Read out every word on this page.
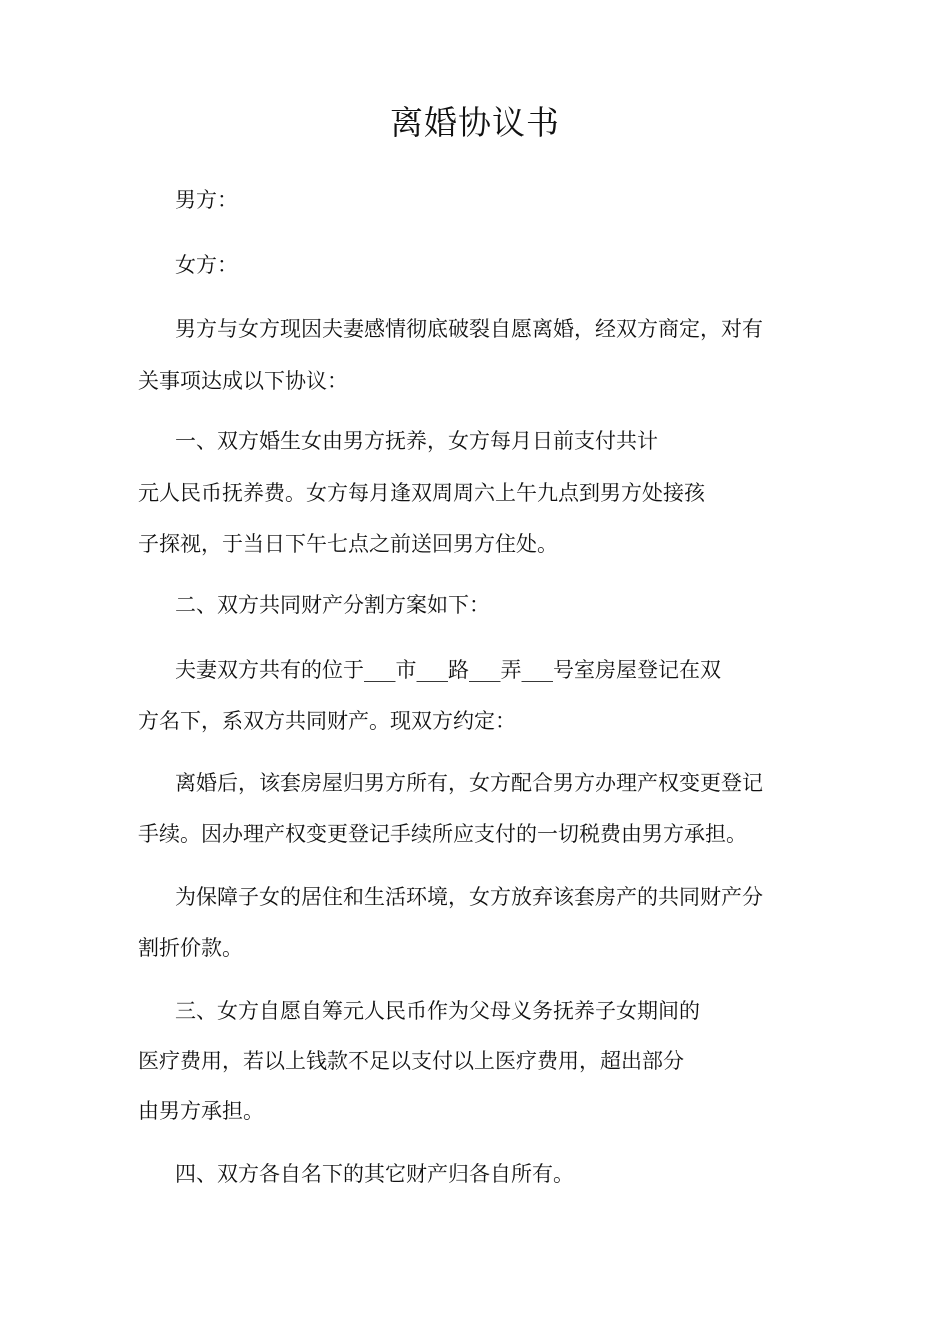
离婚协议书
男方：
女方：
男方与女方现因夫妻感情彻底破裂自愿离婚，经双方商定，对有
关事项达成以下协议：
一、双方婚生女由男方抚养，女方每月日前支付共计
元人民币抚养费。女方每月逢双周周六上午九点到男方处接孩
子探视，于当日下午七点之前送回男方住处。
二、双方共同财产分割方案如下：
夫妻双方共有的位于___市___路___弄___号室房屋登记在双
方名下，系双方共同财产。现双方约定：
离婚后，该套房屋归男方所有，女方配合男方办理产权变更登记
手续。因办理产权变更登记手续所应支付的一切税费由男方承担。
为保障子女的居住和生活环境，女方放弃该套房产的共同财产分
割折价款。
三、女方自愿自筹元人民币作为父母义务抚养子女期间的
医疗费用，若以上钱款不足以支付以上医疗费用，超出部分
由男方承担。
四、双方各自名下的其它财产归各自所有。
